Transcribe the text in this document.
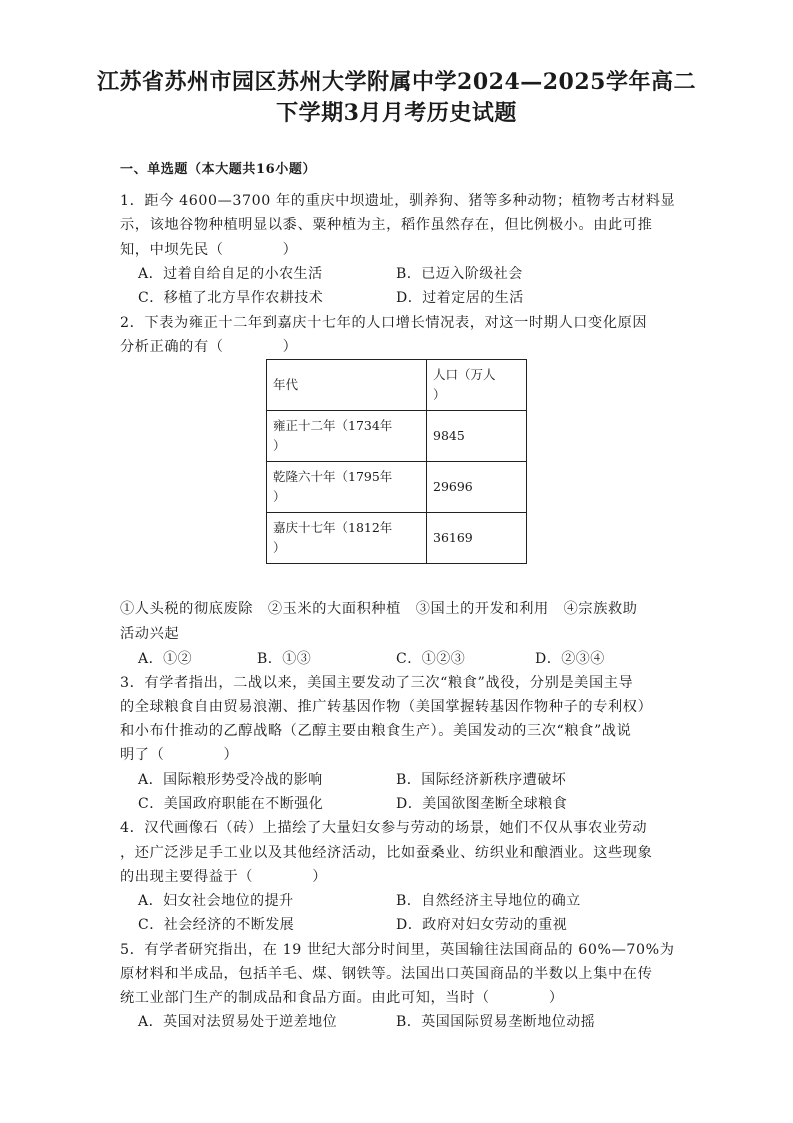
江苏省苏州市园区苏州大学附属中学2024—2025学年高二
下学期3月月考历史试题
一、单选题（本大题共16小题）
1．距今 4600—3700 年的重庆中坝遗址，驯养狗、猪等多种动物；植物考古材料显
示，该地谷物种植明显以黍、粟种植为主，稻作虽然存在，但比例极小。由此可推
知，中坝先民（　　　　）
A．过着自给自足的小农生活	B．已迈入阶级社会
C．移植了北方旱作农耕技术	D．过着定居的生活
2．下表为雍正十二年到嘉庆十七年的人口增长情况表，对这一时期人口变化原因
分析正确的有（　　　　）
年代	人口（万人
）

雍正十二年（1734年
）	9845

乾隆六十年（1795年
）	29696

嘉庆十七年（1812年
）	36169
①人头税的彻底废除　②玉米的大面积种植　③国土的开发和利用　④宗族救助
活动兴起
A．①②	B．①③	C．①②③	D．②③④
3．有学者指出，二战以来，美国主要发动了三次“粮食”战役，分别是美国主导
的全球粮食自由贸易浪潮、推广转基因作物（美国掌握转基因作物种子的专利权）
和小布什推动的乙醇战略（乙醇主要由粮食生产）。美国发动的三次“粮食”战说
明了（　　　　）
A．国际粮形势受冷战的影响	B．国际经济新秩序遭破坏
C．美国政府职能在不断强化	D．美国欲图垄断全球粮食
4．汉代画像石（砖）上描绘了大量妇女参与劳动的场景，她们不仅从事农业劳动
，还广泛涉足手工业以及其他经济活动，比如蚕桑业、纺织业和酿酒业。这些现象
的出现主要得益于（　　　　）
A．妇女社会地位的提升	B．自然经济主导地位的确立
C．社会经济的不断发展	D．政府对妇女劳动的重视
5．有学者研究指出，在 19 世纪大部分时间里，英国输往法国商品的 60%—70%为
原材料和半成品，包括羊毛、煤、钢铁等。法国出口英国商品的半数以上集中在传
统工业部门生产的制成品和食品方面。由此可知，当时（　　　　）
A．英国对法贸易处于逆差地位	B．英国国际贸易垄断地位动摇
